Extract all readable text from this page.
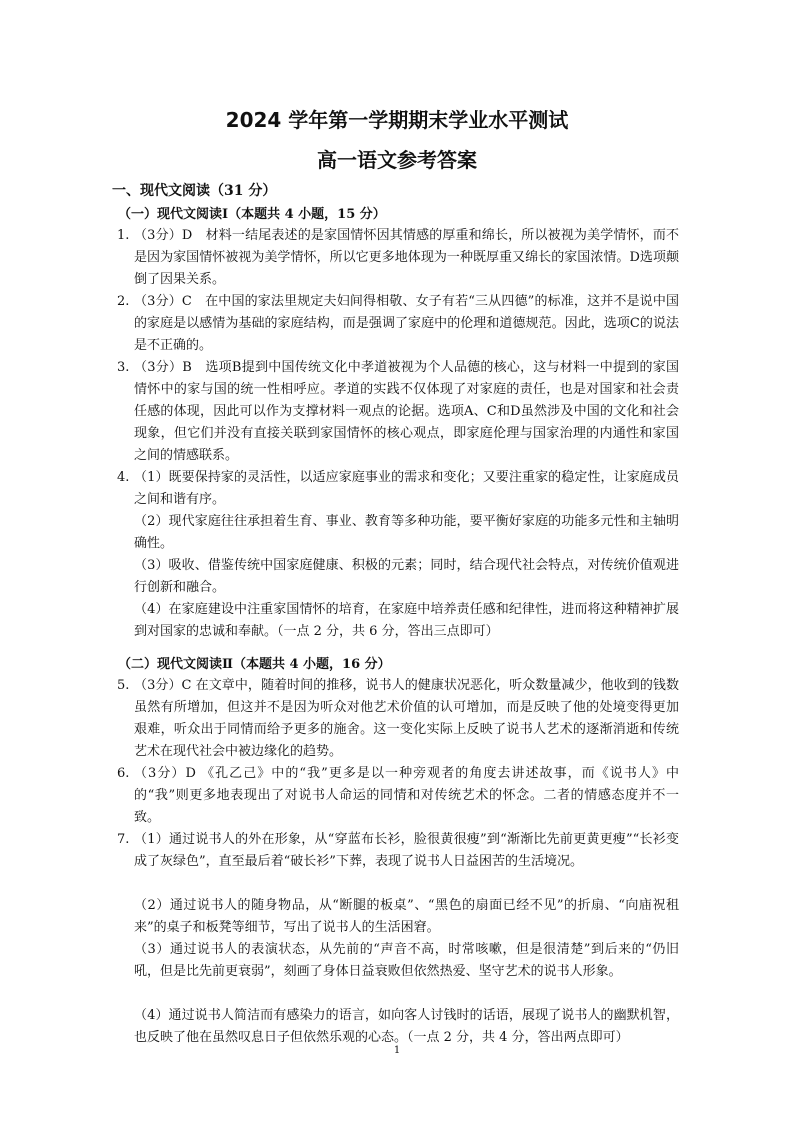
2024 学年第一学期期末学业水平测试
高一语文参考答案
一、现代文阅读（31 分）
（一）现代文阅读Ⅰ（本题共 4 小题，15 分）
1. （3分）D　材料一结尾表述的是家国情怀因其情感的厚重和绵长，所以被视为美学情怀，而不是因为家国情怀被视为美学情怀，所以它更多地体现为一种既厚重又绵长的家国浓情。D选项颠倒了因果关系。
2. （3分）C　在中国的家法里规定夫妇间得相敬、女子有若“三从四德”的标准，这并不是说中国的家庭是以感情为基础的家庭结构，而是强调了家庭中的伦理和道德规范。因此，选项C的说法是不正确的。
3. （3分）B　选项B提到中国传统文化中孝道被视为个人品德的核心，这与材料一中提到的家国情怀中的家与国的统一性相呼应。孝道的实践不仅体现了对家庭的责任，也是对国家和社会责任感的体现，因此可以作为支撑材料一观点的论据。选项A、C和D虽然涉及中国的文化和社会现象，但它们并没有直接关联到家国情怀的核心观点，即家庭伦理与国家治理的内通性和家国之间的情感联系。
4. （1）既要保持家的灵活性，以适应家庭事业的需求和变化；又要注重家的稳定性，让家庭成员之间和谐有序。
（2）现代家庭往往承担着生育、事业、教育等多种功能，要平衡好家庭的功能多元性和主轴明确性。
（3）吸收、借鉴传统中国家庭健康、积极的元素；同时，结合现代社会特点，对传统价值观进行创新和融合。
（4）在家庭建设中注重家国情怀的培育，在家庭中培养责任感和纪律性，进而将这种精神扩展到对国家的忠诚和奉献。（一点 2 分，共 6 分，答出三点即可）
（二）现代文阅读Ⅱ（本题共 4 小题，16 分）
5. （3分）C 在文章中，随着时间的推移，说书人的健康状况恶化，听众数量减少，他收到的钱数虽然有所增加，但这并不是因为听众对他艺术价值的认可增加，而是反映了他的处境变得更加艰难，听众出于同情而给予更多的施舍。这一变化实际上反映了说书人艺术的逐渐消逝和传统艺术在现代社会中被边缘化的趋势。
6. （3分）D 《孔乙己》中的“我”更多是以一种旁观者的角度去讲述故事，而《说书人》中的“我”则更多地表现出了对说书人命运的同情和对传统艺术的怀念。二者的情感态度并不一致。
7. （1）通过说书人的外在形象，从“穿蓝布长衫，脸很黄很瘦”到“渐渐比先前更黄更瘦”“长衫变成了灰绿色”，直至最后着“破长衫”下葬，表现了说书人日益困苦的生活境况。
（2）通过说书人的随身物品，从“断腿的板桌”、“黑色的扇面已经不见”的折扇、“向庙祝租来”的桌子和板凳等细节，写出了说书人的生活困窘。
（3）通过说书人的表演状态，从先前的“声音不高，时常咳嗽，但是很清楚”到后来的“仍旧吼，但是比先前更衰弱”，刻画了身体日益衰败但依然热爱、坚守艺术的说书人形象。
（4）通过说书人简洁而有感染力的语言，如向客人讨钱时的话语，展现了说书人的幽默机智，也反映了他在虽然叹息日子但依然乐观的心态。（一点 2 分，共 4 分，答出两点即可）
1
